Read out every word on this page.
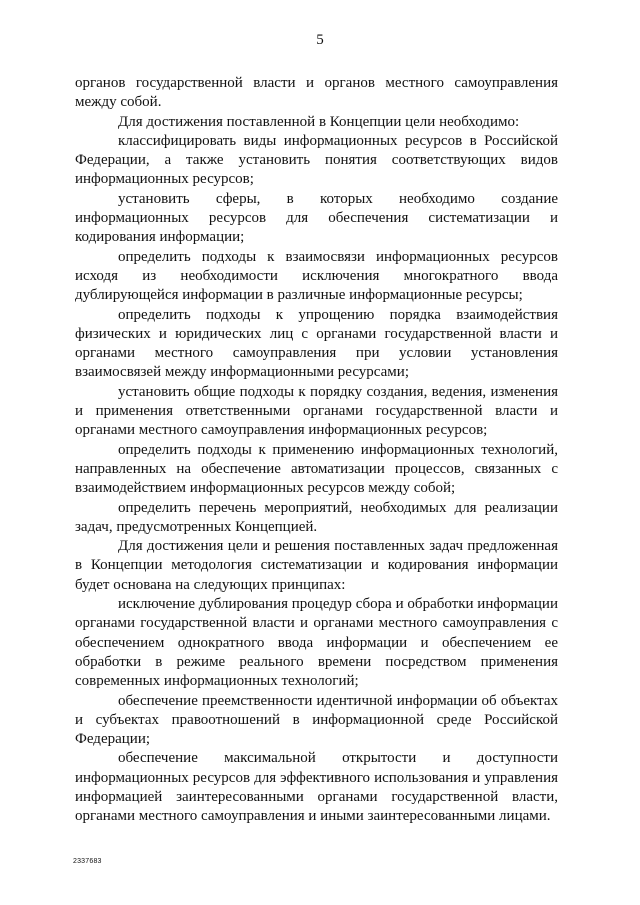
5

органов государственной власти и органов местного самоуправления между собой.

Для достижения поставленной в Концепции цели необходимо:

классифицировать виды информационных ресурсов в Российской Федерации, а также установить понятия соответствующих видов информационных ресурсов;

установить сферы, в которых необходимо создание информационных ресурсов для обеспечения систематизации и кодирования информации;

определить подходы к взаимосвязи информационных ресурсов исходя из необходимости исключения многократного ввода дублирующейся информации в различные информационные ресурсы;

определить подходы к упрощению порядка взаимодействия физических и юридических лиц с органами государственной власти и органами местного самоуправления при условии установления взаимосвязей между информационными ресурсами;

установить общие подходы к порядку создания, ведения, изменения и применения ответственными органами государственной власти и органами местного самоуправления информационных ресурсов;

определить подходы к применению информационных технологий, направленных на обеспечение автоматизации процессов, связанных с взаимодействием информационных ресурсов между собой;

определить перечень мероприятий, необходимых для реализации задач, предусмотренных Концепцией.

Для достижения цели и решения поставленных задач предложенная в Концепции методология систематизации и кодирования информации будет основана на следующих принципах:

исключение дублирования процедур сбора и обработки информации органами государственной власти и органами местного самоуправления с обеспечением однократного ввода информации и обеспечением ее обработки в режиме реального времени посредством применения современных информационных технологий;

обеспечение преемственности идентичной информации об объектах и субъектах правоотношений в информационной среде Российской Федерации;

обеспечение максимальной открытости и доступности информационных ресурсов для эффективного использования и управления информацией заинтересованными органами государственной власти, органами местного самоуправления и иными заинтересованными лицами.

2337683
